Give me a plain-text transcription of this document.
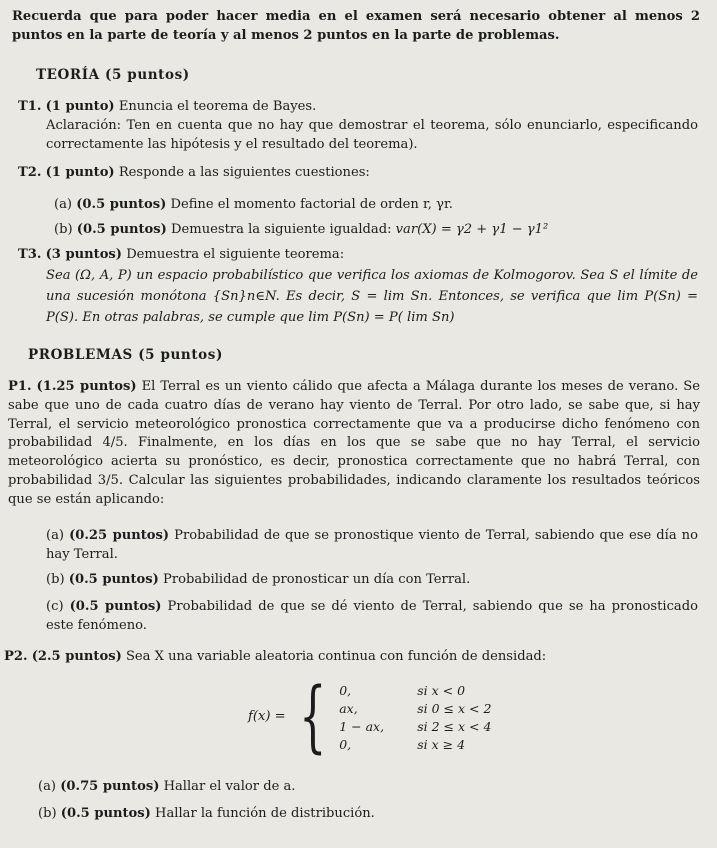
Recuerda que para poder hacer media en el examen será necesario obtener al menos 2 puntos en la parte de teoría y al menos 2 puntos en la parte de problemas.
TEORÍA (5 puntos)
T1. (1 punto) Enuncia el teorema de Bayes.
Aclaración: Ten en cuenta que no hay que demostrar el teorema, sólo enunciarlo, especificando correctamente las hipótesis y el resultado del teorema).
T2. (1 punto) Responde a las siguientes cuestiones:
(a) (0.5 puntos) Define el momento factorial de orden r, γr.
(b) (0.5 puntos) Demuestra la siguiente igualdad: var(X) = γ2 + γ1 − γ1²
T3. (3 puntos) Demuestra el siguiente teorema:
Sea (Ω, A, P) un espacio probabilístico que verifica los axiomas de Kolmogorov. Sea S el límite de una sucesión monótona {Sn}n∈N. Es decir, S = lim Sn. Entonces, se verifica que lim P(Sn) = P(S). En otras palabras, se cumple que lim P(Sn) = P( lim Sn)
PROBLEMAS (5 puntos)
P1. (1.25 puntos) El Terral es un viento cálido que afecta a Málaga durante los meses de verano. Se sabe que uno de cada cuatro días de verano hay viento de Terral. Por otro lado, se sabe que, si hay Terral, el servicio meteorológico pronostica correctamente que va a producirse dicho fenómeno con probabilidad 4/5. Finalmente, en los días en los que se sabe que no hay Terral, el servicio meteorológico acierta su pronóstico, es decir, pronostica correctamente que no habrá Terral, con probabilidad 3/5. Calcular las siguientes probabilidades, indicando claramente los resultados teóricos que se están aplicando:
(a) (0.25 puntos) Probabilidad de que se pronostique viento de Terral, sabiendo que ese día no hay Terral.
(b) (0.5 puntos) Probabilidad de pronosticar un día con Terral.
(c) (0.5 puntos) Probabilidad de que se dé viento de Terral, sabiendo que se ha pronosticado este fenómeno.
P2. (2.5 puntos) Sea X una variable aleatoria continua con función de densidad:
f(x) = { 0,	si x < 0
ax,	si 0 ≤ x < 2
1 − ax,	si 2 ≤ x < 4
0,	si x ≥ 4
(a) (0.75 puntos) Hallar el valor de a.
(b) (0.5 puntos) Hallar la función de distribución.
